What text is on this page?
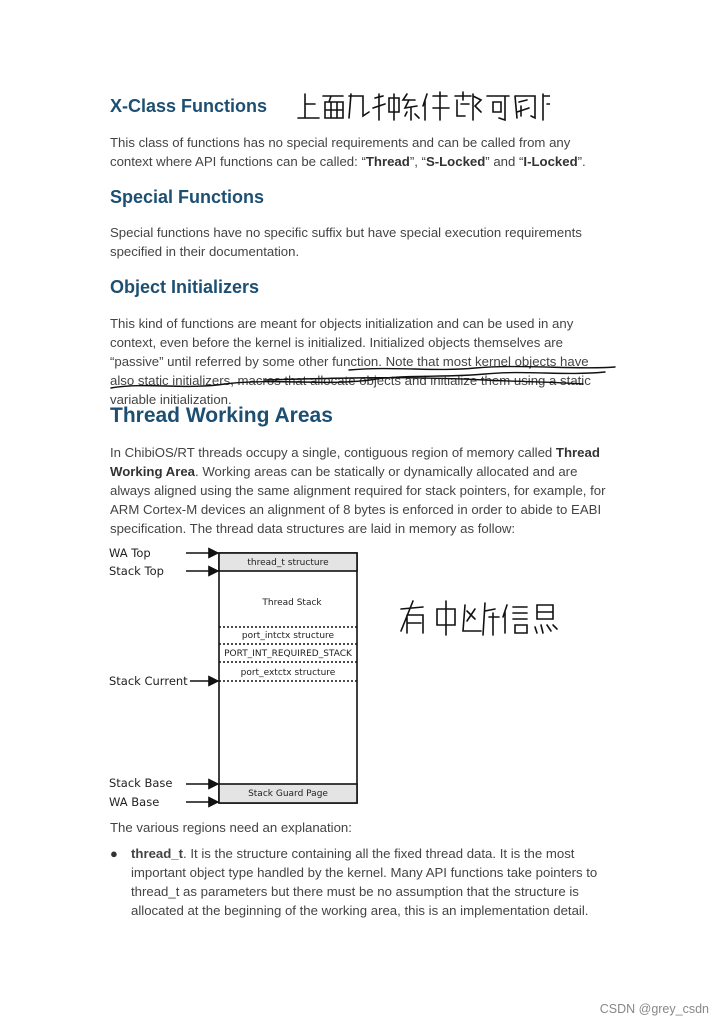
X-Class Functions

This class of functions has no special requirements and can be called from any context where API functions can be called: “Thread”, “S-Locked” and “I-Locked”.

Special Functions

Special functions have no specific suffix but have special execution requirements specified in their documentation.

Object Initializers

This kind of functions are meant for objects initialization and can be used in any context, even before the kernel is initialized. Initialized objects themselves are “passive” until referred by some other function. Note that most kernel objects have also static initializers, macros that allocate objects and initialize them using a static variable initialization.

Thread Working Areas

In ChibiOS/RT threads occupy a single, contiguous region of memory called Thread Working Area. Working areas can be statically or dynamically allocated and are always aligned using the same alignment required for stack pointers, for example, for ARM Cortex-M devices an alignment of 8 bytes is enforced in order to abide to EABI specification. The thread data structures are laid in memory as follow:

The various regions need an explanation:

thread_t structure
Thread Stack
port_intctx structure
PORT_INT_REQUIRED_STACK
port_extctx structure
Stack Guard Page
WA Top
Stack Top
Stack Current
Stack Base
WA Base
● thread_t. It is the structure containing all the fixed thread data. It is the most important object type handled by the kernel. Many API functions take pointers to thread_t as parameters but there must be no assumption that the structure is allocated at the beginning of the working area, this is an implementation detail.
CSDN @grey_csdn
